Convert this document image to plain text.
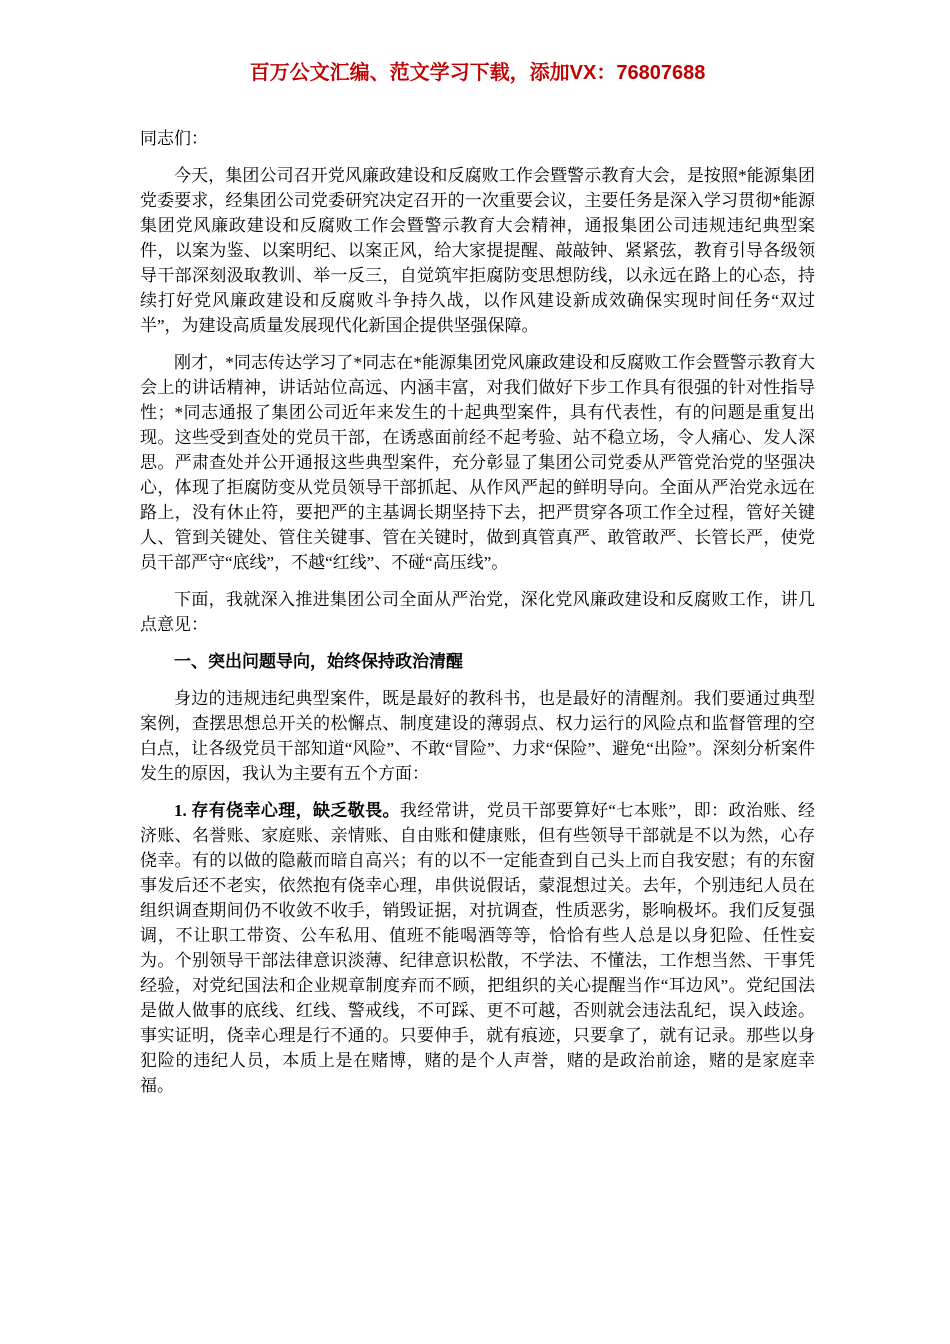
百万公文汇编、范文学习下载，添加VX：76807688

同志们：

今天，集团公司召开党风廉政建设和反腐败工作会暨警示教育大会，是按照*能源集团党委要求，经集团公司党委研究决定召开的一次重要会议，主要任务是深入学习贯彻*能源集团党风廉政建设和反腐败工作会暨警示教育大会精神，通报集团公司违规违纪典型案件，以案为鉴、以案明纪、以案正风，给大家提提醒、敲敲钟、紧紧弦，教育引导各级领导干部深刻汲取教训、举一反三，自觉筑牢拒腐防变思想防线，以永远在路上的心态，持续打好党风廉政建设和反腐败斗争持久战，以作风建设新成效确保实现时间任务“双过半”，为建设高质量发展现代化新国企提供坚强保障。

刚才，*同志传达学习了*同志在*能源集团党风廉政建设和反腐败工作会暨警示教育大会上的讲话精神，讲话站位高远、内涵丰富，对我们做好下步工作具有很强的针对性指导性；*同志通报了集团公司近年来发生的十起典型案件，具有代表性，有的问题是重复出现。这些受到查处的党员干部，在诱惑面前经不起考验、站不稳立场，令人痛心、发人深思。严肃查处并公开通报这些典型案件，充分彰显了集团公司党委从严管党治党的坚强决心，体现了拒腐防变从党员领导干部抓起、从作风严起的鲜明导向。全面从严治党永远在路上，没有休止符，要把严的主基调长期坚持下去，把严贯穿各项工作全过程，管好关键人、管到关键处、管住关键事、管在关键时，做到真管真严、敢管敢严、长管长严，使党员干部严守“底线”，不越“红线”、不碰“高压线”。

下面，我就深入推进集团公司全面从严治党，深化党风廉政建设和反腐败工作，讲几点意见：

一、突出问题导向，始终保持政治清醒

身边的违规违纪典型案件，既是最好的教科书，也是最好的清醒剂。我们要通过典型案例，查摆思想总开关的松懈点、制度建设的薄弱点、权力运行的风险点和监督管理的空白点，让各级党员干部知道“风险”、不敢“冒险”、力求“保险”、避免“出险”。深刻分析案件发生的原因，我认为主要有五个方面：

1. 存有侥幸心理，缺乏敬畏。我经常讲，党员干部要算好“七本账”，即：政治账、经济账、名誉账、家庭账、亲情账、自由账和健康账，但有些领导干部就是不以为然，心存侥幸。有的以做的隐蔽而暗自高兴；有的以不一定能查到自己头上而自我安慰；有的东窗事发后还不老实，依然抱有侥幸心理，串供说假话，蒙混想过关。去年，个别违纪人员在组织调查期间仍不收敛不收手，销毁证据，对抗调查，性质恶劣，影响极坏。我们反复强调，不让职工带资、公车私用、值班不能喝酒等等，恰恰有些人总是以身犯险、任性妄为。个别领导干部法律意识淡薄、纪律意识松散，不学法、不懂法，工作想当然、干事凭经验，对党纪国法和企业规章制度弃而不顾，把组织的关心提醒当作“耳边风”。党纪国法是做人做事的底线、红线、警戒线，不可踩、更不可越，否则就会违法乱纪，误入歧途。事实证明，侥幸心理是行不通的。只要伸手，就有痕迹，只要拿了，就有记录。那些以身犯险的违纪人员，本质上是在赌博，赌的是个人声誉，赌的是政治前途，赌的是家庭幸福。
